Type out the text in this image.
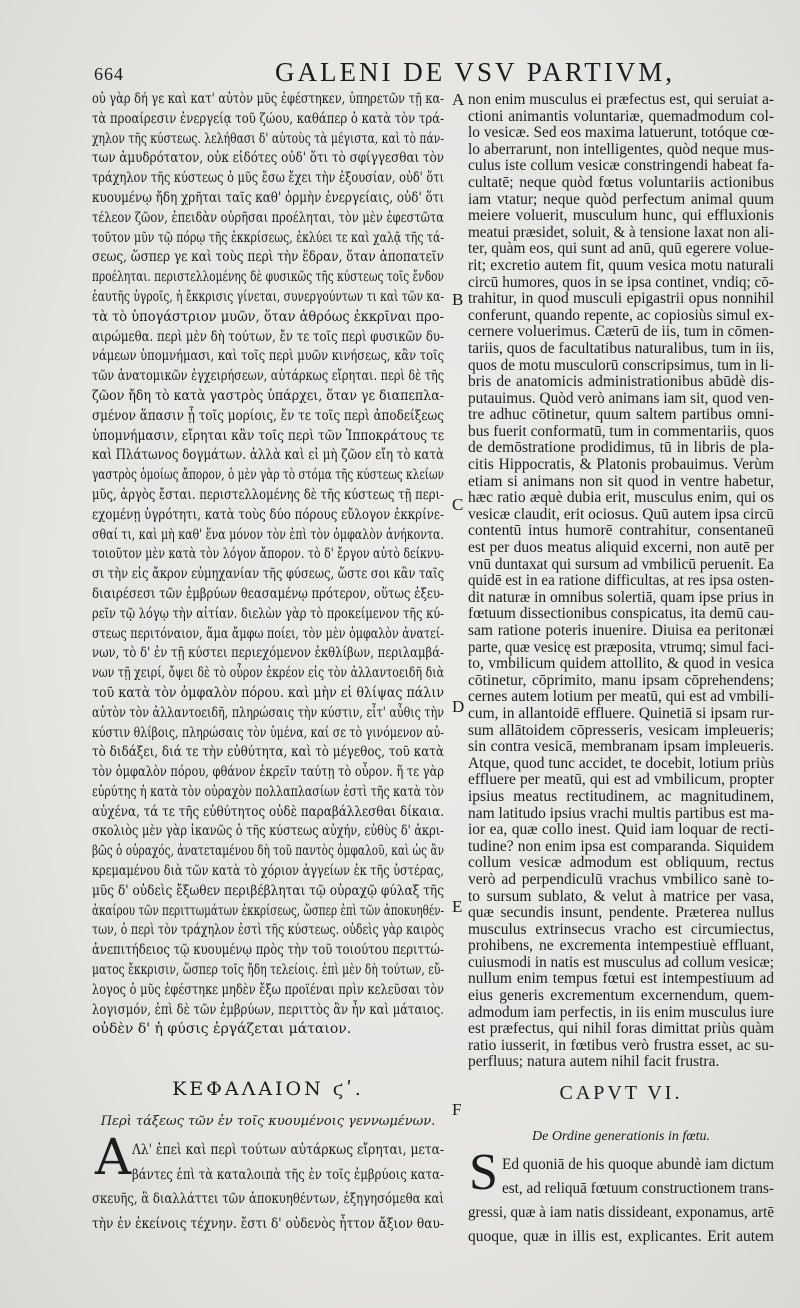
664	GALENI DE VSV PARTIVM,
οὐ γὰρ δή γε καὶ κατ' αὐτὸν μῦς ἐφέστηκεν, ὑπηρετῶν τῇ κα-
τὰ προαίρεσιν ἐνεργείᾳ τοῦ ζώου, καθάπερ ὁ κατὰ τὸν τρά-
χηλον τῆς κύστεως. λελήθασι δ' αὐτοὺς τὰ μέγιστα, καὶ τὸ πάν-
των ἀμυδρότατον, οὐκ εἰδότες οὐδ' ὅτι τὸ σφίγγεσθαι τὸν
τράχηλον τῆς κύστεως ὁ μῦς ἔσω ἔχει τὴν ἐξουσίαν, οὐδ' ὅτι
κυουμένῳ ἤδη χρῆται ταῖς καθ' ὁρμὴν ἐνεργείαις, οὐδ' ὅτι
τέλεον ζῶον, ἐπειδὰν οὐρῆσαι προέληται, τὸν μὲν ἐφεστῶτα
τοῦτον μῦν τῷ πόρῳ τῆς ἐκκρίσεως, ἐκλύει τε καὶ χαλᾷ τῆς τά-
σεως, ὥσπερ γε καὶ τοὺς περὶ τὴν ἕδραν, ὅταν ἀποπατεῖν
προέληται. περιστελλομένης δὲ φυσικῶς τῆς κύστεως τοῖς ἔνδον
ἑαυτῆς ὑγροῖς, ἡ ἔκκρισις γίνεται, συνεργούντων τι καὶ τῶν κα-
τὰ τὸ ὑπογάστριον μυῶν, ὅταν ἀθρόως ἐκκρῖναι προ-
αιρώμεθα. περὶ μὲν δὴ τούτων, ἔν τε τοῖς περὶ φυσικῶν δυ-
νάμεων ὑπομνήμασι, καὶ τοῖς περὶ μυῶν κινήσεως, κἂν τοῖς
τῶν ἀνατομικῶν ἐγχειρήσεων, αὐτάρκως εἴρηται. περὶ δὲ τῆς
ζῶον ἤδη τὸ κατὰ γαστρὸς ὑπάρχει, ὅταν γε διαπεπλα-
σμένον ἅπασιν ᾖ τοῖς μορίοις, ἔν τε τοῖς περὶ ἀποδείξεως
ὑπομνήμασιν, εἴρηται κἂν τοῖς περὶ τῶν Ἱπποκράτους τε
καὶ Πλάτωνος δογμάτων. ἀλλὰ καὶ εἰ μὴ ζῶον εἴη τὸ κατὰ
γαστρὸς ὁμοίως ἄπορον, ὁ μὲν γὰρ τὸ στόμα τῆς κύστεως κλείων
μῦς, ἀργὸς ἔσται. περιστελλομένης δὲ τῆς κύστεως τῇ περι-
εχομένῃ ὑγρότητι, κατὰ τοὺς δύο πόρους εὔλογον ἐκκρίνε-
σθαί τι, καὶ μὴ καθ' ἕνα μόνον τὸν ἐπὶ τὸν ὀμφαλὸν ἀνήκοντα.
τοιοῦτον μὲν κατὰ τὸν λόγον ἄπορον. τὸ δ' ἔργον αὐτὸ δείκνυ-
σι τὴν εἰς ἄκρον εὐμηχανίαν τῆς φύσεως, ὥστε σοι κἂν ταῖς
διαιρέσεσι τῶν ἐμβρύων θεασαμένῳ πρότερον, οὕτως ἐξευ-
ρεῖν τῷ λόγῳ τὴν αἰτίαν. διελὼν γὰρ τὸ προκείμενον τῆς κύ-
στεως περιτόναιον, ἅμα ἄμφω ποίει, τὸν μὲν ὀμφαλὸν ἀνατεί-
νων, τὸ δ' ἐν τῇ κύστει περιεχόμενον ἐκθλίβων, περιλαμβά-
νων τῇ χειρί, ὄψει δὲ τὸ οὖρον ἐκρέον εἰς τὸν ἀλλαντοειδῆ διὰ
τοῦ κατὰ τὸν ὀμφαλὸν πόρου. καὶ μὴν εἰ θλίψας πάλιν
αὐτὸν τὸν ἀλλαντοειδῆ, πληρώσαις τὴν κύστιν, εἶτ' αὖθις τὴν
κύστιν θλίβοις, πληρώσαις τὸν ὑμένα, καί σε τὸ γινόμενον αὐ-
τὸ διδάξει, διά τε τὴν εὐθύτητα, καὶ τὸ μέγεθος, τοῦ κατὰ
τὸν ὀμφαλὸν πόρου, φθάνον ἐκρεῖν ταύτῃ τὸ οὖρον. ἥ τε γὰρ
εὐρύτης ἡ κατὰ τὸν οὐραχὸν πολλαπλασίων ἐστὶ τῆς κατὰ τὸν
αὐχένα, τά τε τῆς εὐθύτητος οὐδὲ παραβάλλεσθαι δίκαια.
σκολιὸς μὲν γὰρ ἱκανῶς ὁ τῆς κύστεως αὐχήν, εὐθὺς δ' ἀκρι-
βῶς ὁ οὐραχός, ἀνατεταμένου δὴ τοῦ παντὸς ὀμφαλοῦ, καὶ ὡς ἂν
κρεμαμένου διὰ τῶν κατὰ τὸ χόριον ἀγγείων ἐκ τῆς ὑστέρας,
μῦς δ' οὐδεὶς ἔξωθεν περιβέβληται τῷ οὐραχῷ φύλαξ τῆς
ἀκαίρου τῶν περιττωμάτων ἐκκρίσεως, ὥσπερ ἐπὶ τῶν ἀποκυηθέν-
των, ὁ περὶ τὸν τράχηλον ἐστὶ τῆς κύστεως. οὐδεὶς γὰρ καιρὸς
ἀνεπιτήδειος τῷ κυουμένῳ πρὸς τὴν τοῦ τοιούτου περιττώ-
ματος ἔκκρισιν, ὥσπερ τοῖς ἤδη τελείοις. ἐπὶ μὲν δὴ τούτων, εὔ-
λογος ὁ μῦς ἐφέστηκε μηδὲν ἔξω προϊέναι πρὶν κελεῦσαι τὸν
λογισμόν, ἐπὶ δὲ τῶν ἐμβρύων, περιττὸς ἂν ἦν καὶ μάταιος.
οὐδὲν δ' ἡ φύσις ἐργάζεται μάταιον.
A
B
C
D
E
F
non enim musculus ei præfectus est, qui seruiat a-
ctioni animantis voluntariæ, quemadmodum col-
lo vesicæ. Sed eos maxima latuerunt, totóque cœ-
lo aberrarunt, non intelligentes, quòd neque mus-
culus iste collum vesicæ constringendi habeat fa-
cultatē; neque quòd fœtus voluntariis actionibus
iam vtatur; neque quòd perfectum animal quum
meiere voluerit, musculum hunc, qui effluxionis
meatui præsidet, soluit, & à tensione laxat non ali-
ter, quàm eos, qui sunt ad anū, quū egerere volue-
rit; excretio autem fit, quum vesica motu naturali
circū humores, quos in se ipsa continet, vndiq; cō-
trahitur, in quod musculi epigastrii opus nonnihil
conferunt, quando repente, ac copiosiùs simul ex-
cernere voluerimus. Cæterū de iis, tum in cōmen-
tariis, quos de facultatibus naturalibus, tum in iis,
quos de motu musculorū conscripsimus, tum in li-
bris de anatomicis administrationibus abūdè dis-
putauimus. Quòd verò animans iam sit, quod ven-
tre adhuc cōtinetur, quum saltem partibus omni-
bus fuerit conformatū, tum in commentariis, quos
de demōstratione prodidimus, tū in libris de pla-
citis Hippocratis, & Platonis probauimus. Verùm
etiam si animans non sit quod in ventre habetur,
hæc ratio æquè dubia erit, musculus enim, qui os
vesicæ claudit, erit ociosus. Quū autem ipsa circū
contentū intus humorē contrahitur, consentaneū
est per duos meatus aliquid excerni, non autē per
vnū duntaxat qui sursum ad vmbilicū peruenit. Ea
quidē est in ea ratione difficultas, at res ipsa osten-
dit naturæ in omnibus solertiā, quam ipse prius in
fœtuum dissectionibus conspicatus, ita demū cau-
sam ratione poteris inuenire. Diuisa ea peritonæi
parte, quæ vesicę est præposita, vtrumq; simul faci-
to, vmbilicum quidem attollito, & quod in vesica
cōtinetur, cōprimito, manu ipsam cōprehendens;
cernes autem lotium per meatū, qui est ad vmbili-
cum, in allantoidē effluere. Quinetiā si ipsam rur-
sum allātoidem cōpresseris, vesicam impleueris;
sin contra vesicā, membranam ipsam impleueris.
Atque, quod tunc accidet, te docebit, lotium priùs
effluere per meatū, qui est ad vmbilicum, propter
ipsius meatus rectitudinem, ac magnitudinem,
nam latitudo ipsius vrachi multis partibus est ma-
ior ea, quæ collo inest. Quid iam loquar de recti-
tudine? non enim ipsa est comparanda. Siquidem
collum vesicæ admodum est obliquum, rectus
verò ad perpendiculū vrachus vmbilico sanè to-
to sursum sublato, & velut à matrice per vasa,
quæ secundis insunt, pendente. Præterea nullus
musculus extrinsecus vracho est circumiectus,
prohibens, ne excrementa intempestiuè effluant,
cuiusmodi in natis est musculus ad collum vesicæ;
nullum enim tempus fœtui est intempestiuum ad
eius generis excrementum excernendum, quem-
admodum iam perfectis, in iis enim musculus iure
est præfectus, qui nihil foras dimittat priùs quàm
ratio iusserit, in fœtibus verò frustra esset, ac su-
perfluus; natura autem nihil facit frustra.
ΚΕΦΑΛΑΙΟΝ ϛʹ.
Περὶ τάξεως τῶν ἐν τοῖς κυουμένοις γεννωμένων.
Α Λλ' ἐπεὶ καὶ περὶ τούτων αὐτάρκως εἴρηται, μετα-
βάντες ἐπὶ τὰ καταλοιπὰ τῆς ἐν τοῖς ἐμβρύοις κατα-
σκευῆς, ἃ διαλλάττει τῶν ἀποκυηθέντων, ἐξηγησόμεθα καὶ
τὴν ἐν ἐκείνοις τέχνην. ἔστι δ' οὐδενὸς ἧττον ἄξιον θαυ-
CAPVT VI.
De Ordine generationis in fœtu.
S Ed quoniā de his quoque abundè iam dictum
est, ad reliquā fœtuum constructionem trans-
gressi, quæ à iam natis dissideant, exponamus, artē
quoque, quæ in illis est, explicantes. Erit autem
